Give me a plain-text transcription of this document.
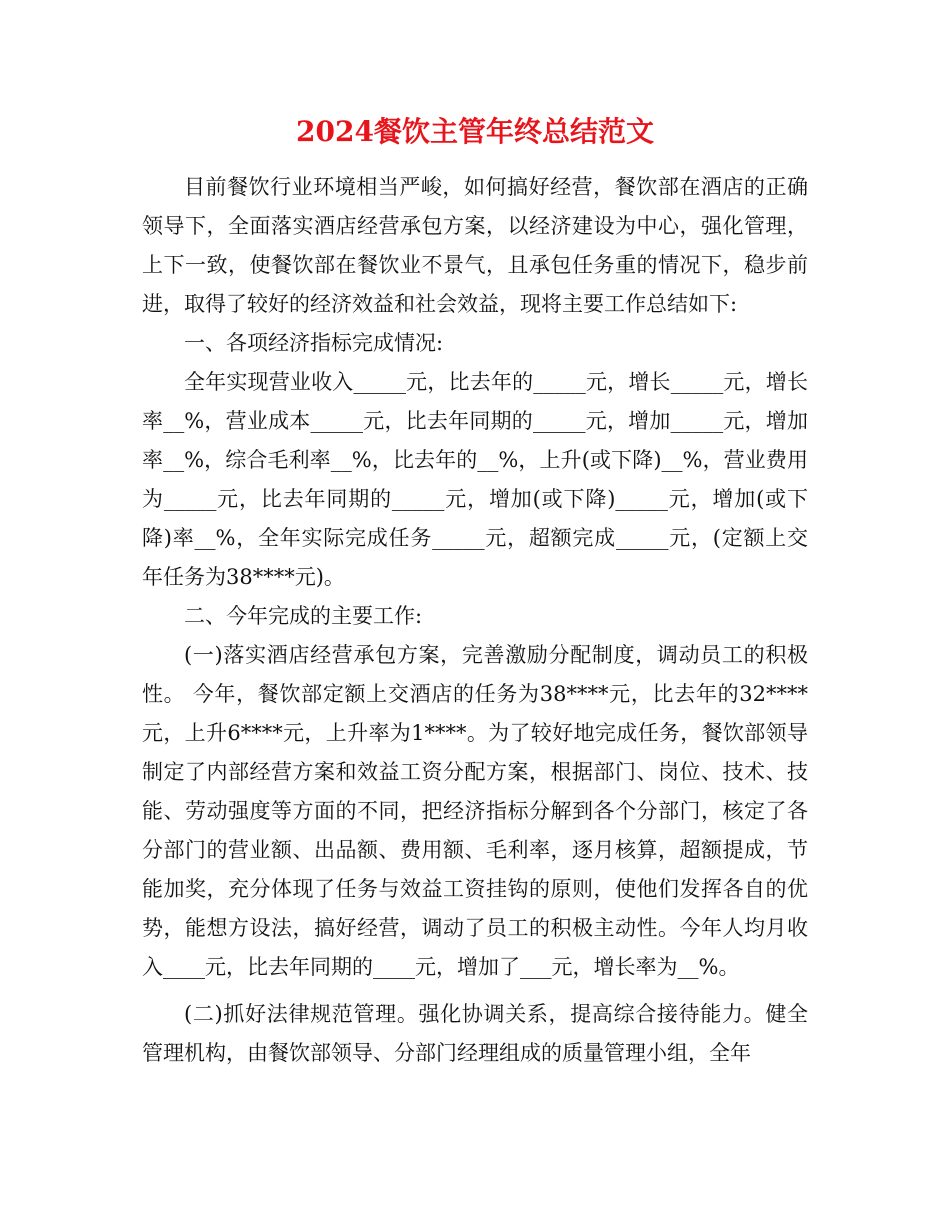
2024餐饮主管年终总结范文

目前餐饮行业环境相当严峻，如何搞好经营，餐饮部在酒店的正确领导下，全面落实酒店经营承包方案，以经济建设为中心，强化管理，上下一致，使餐饮部在餐饮业不景气，且承包任务重的情况下，稳步前进，取得了较好的经济效益和社会效益，现将主要工作总结如下:

一、各项经济指标完成情况:

全年实现营业收入_____元，比去年的_____元，增长_____元，增长率__%，营业成本_____元，比去年同期的_____元，增加_____元，增加率__%，综合毛利率__%，比去年的__%，上升(或下降)__%，营业费用为_____元，比去年同期的_____元，增加(或下降)_____元，增加(或下降)率__%，全年实际完成任务_____元，超额完成_____元，(定额上交年任务为38****元)。

二、今年完成的主要工作:

(一)落实酒店经营承包方案，完善激励分配制度，调动员工的积极性。 今年，餐饮部定额上交酒店的任务为38****元，比去年的32****元，上升6****元，上升率为1****。为了较好地完成任务，餐饮部领导制定了内部经营方案和效益工资分配方案，根据部门、岗位、技术、技能、劳动强度等方面的不同，把经济指标分解到各个分部门，核定了各分部门的营业额、出品额、费用额、毛利率，逐月核算，超额提成，节能加奖，充分体现了任务与效益工资挂钩的原则，使他们发挥各自的优势，能想方设法，搞好经营，调动了员工的积极主动性。今年人均月收入____元，比去年同期的____元，增加了___元，增长率为__%。

(二)抓好法律规范管理。强化协调关系，提高综合接待能力。健全管理机构，由餐饮部领导、分部门经理组成的质量管理小组，全年
